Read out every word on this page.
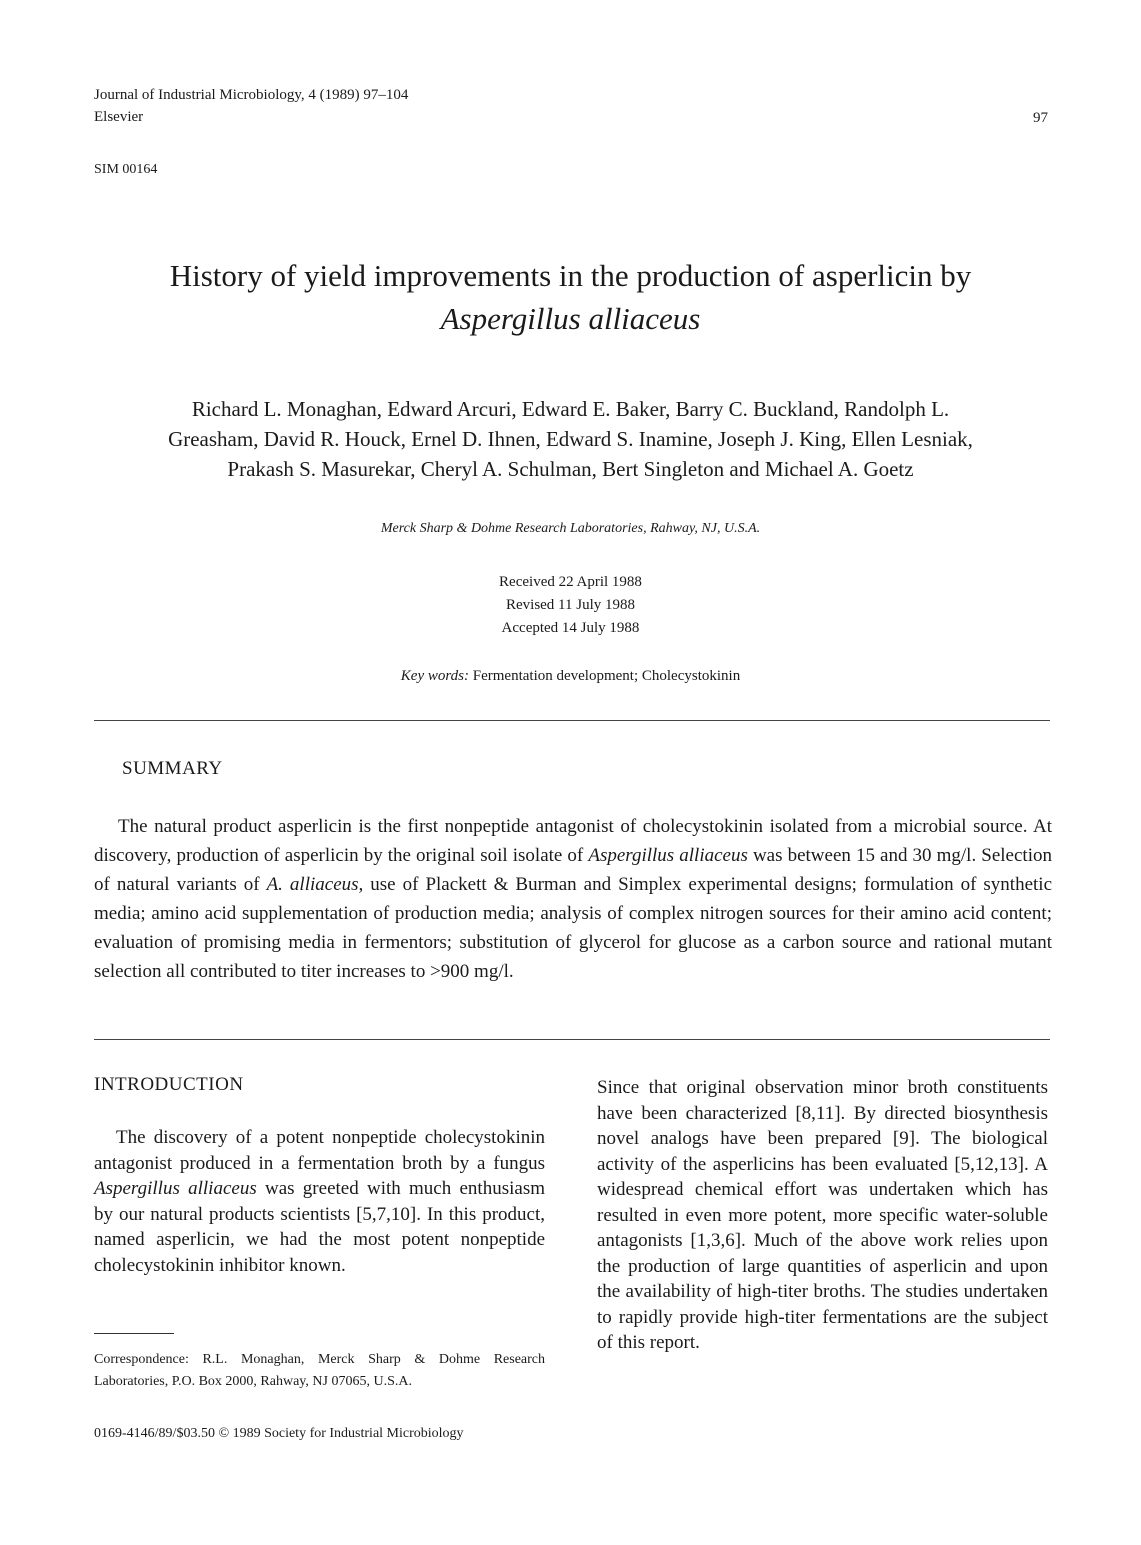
Journal of Industrial Microbiology, 4 (1989) 97–104
Elsevier	97
SIM 00164
History of yield improvements in the production of asperlicin by
Aspergillus alliaceus
Richard L. Monaghan, Edward Arcuri, Edward E. Baker, Barry C. Buckland, Randolph L.
Greasham, David R. Houck, Ernel D. Ihnen, Edward S. Inamine, Joseph J. King, Ellen Lesniak,
Prakash S. Masurekar, Cheryl A. Schulman, Bert Singleton and Michael A. Goetz
Merck Sharp & Dohme Research Laboratories, Rahway, NJ, U.S.A.
Received 22 April 1988
Revised 11 July 1988
Accepted 14 July 1988
Key words: Fermentation development; Cholecystokinin
SUMMARY

The natural product asperlicin is the first nonpeptide antagonist of cholecystokinin isolated from a microbial source. At discovery, production of asperlicin by the original soil isolate of Aspergillus alliaceus was between 15 and 30 mg/l. Selection of natural variants of A. alliaceus, use of Plackett & Burman and Simplex experimental designs; formulation of synthetic media; amino acid supplementation of production media; analysis of complex nitrogen sources for their amino acid content; evaluation of promising media in fermentors; substitution of glycerol for glucose as a carbon source and rational mutant selection all contributed to titer increases to >900 mg/l.

INTRODUCTION

The discovery of a potent nonpeptide cholecystokinin antagonist produced in a fermentation broth by a fungus Aspergillus alliaceus was greeted with much enthusiasm by our natural products scientists [5,7,10]. In this product, named asperlicin, we had the most potent nonpeptide cholecystokinin inhibitor known.

Since that original observation minor broth constituents have been characterized [8,11]. By directed biosynthesis novel analogs have been prepared [9]. The biological activity of the asperlicins has been evaluated [5,12,13]. A widespread chemical effort was undertaken which has resulted in even more potent, more specific water-soluble antagonists [1,3,6]. Much of the above work relies upon the production of large quantities of asperlicin and upon the availability of high-titer broths. The studies undertaken to rapidly provide high-titer fermentations are the subject of this report.

Correspondence: R.L. Monaghan, Merck Sharp & Dohme Research Laboratories, P.O. Box 2000, Rahway, NJ 07065, U.S.A.
0169-4146/89/$03.50 © 1989 Society for Industrial Microbiology
